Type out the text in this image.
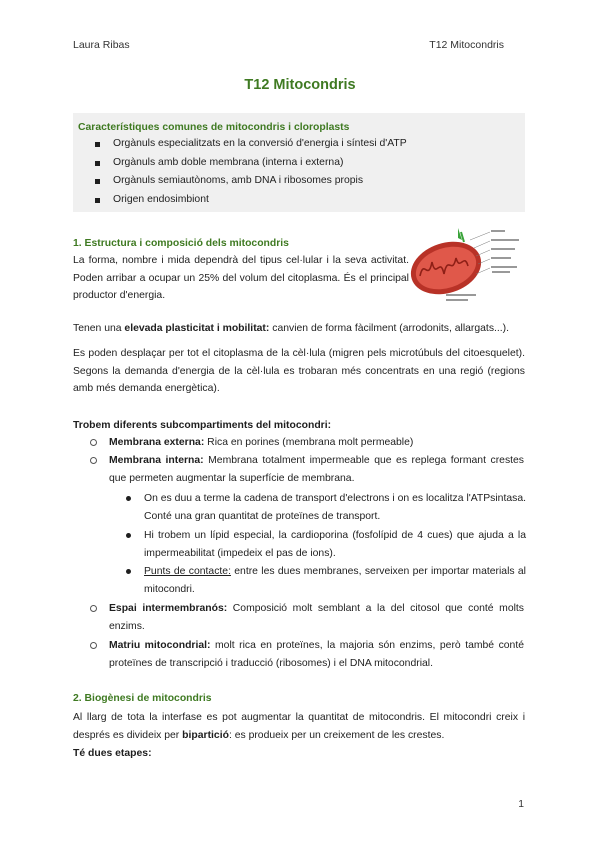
Laura Ribas	T12 Mitocondris
T12 Mitocondris
Característiques comunes de mitocondris i cloroplasts
Orgànuls especialitzats en la conversió d'energia i síntesi d'ATP
Orgànuls amb doble membrana (interna i externa)
Orgànuls semiautònoms, amb DNA i ribosomes propis
Origen endosimbiont
1. Estructura i composició dels mitocondris

La forma, nombre i mida dependrà del tipus cel·lular i la seva activitat. Poden arribar a ocupar un 25% del volum del citoplasma. És el principal productor d'energia.

Tenen una elevada plasticitat i mobilitat: canvien de forma fàcilment (arrodonits, allargats...).

Es poden desplaçar per tot el citoplasma de la cèl·lula (migren pels microtúbuls del citoesquelet). Segons la demanda d'energia de la cèl·lula es trobaran més concentrats en una regió (regions amb més demanda energètica).

Trobem diferents subcompartiments del mitocondri:
Membrana externa: Rica en porines (membrana molt permeable)
Membrana interna: Membrana totalment impermeable que es replega formant crestes que permeten augmentar la superfície de membrana.
On es duu a terme la cadena de transport d'electrons i on es localitza l'ATPsintasa. Conté una gran quantitat de proteïnes de transport.
Hi trobem un lípid especial, la cardioporina (fosfolípid de 4 cues) que ajuda a la impermeabilitat (impedeix el pas de ions).
Punts de contacte: entre les dues membranes, serveixen per importar materials al mitocondri.
Espai intermembranós: Composició molt semblant a la del citosol que conté molts enzims.
Matriu mitocondrial: molt rica en proteïnes, la majoria són enzims, però també conté proteïnes de transcripció i traducció (ribosomes) i el DNA mitocondrial.
2. Biogènesi de mitocondris

Al llarg de tota la interfase es pot augmentar la quantitat de mitocondris. El mitocondri creix i després es divideix per bipartició: es produeix per un creixement de les crestes.

Té dues etapes:

1
